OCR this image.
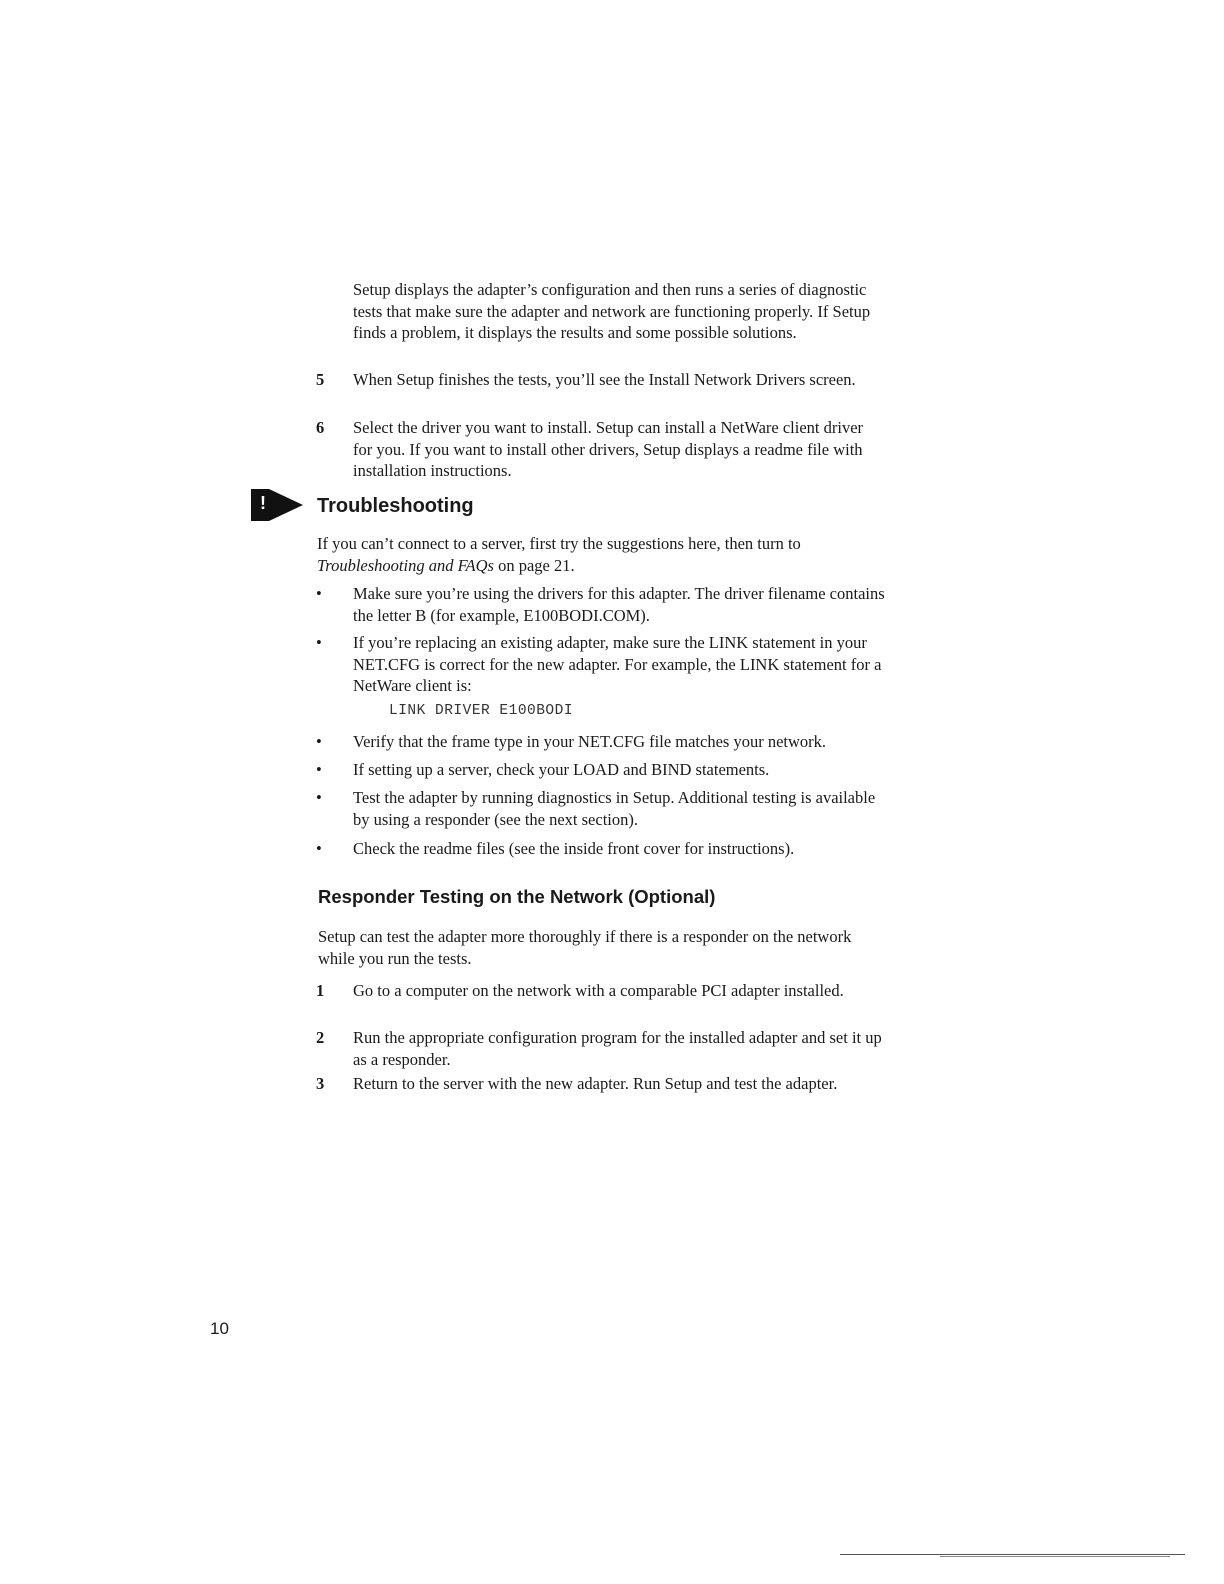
Setup displays the adapter’s configuration and then runs a series of diagnostic tests that make sure the adapter and network are functioning properly. If Setup finds a problem, it displays the results and some possible solutions.
5 When Setup finishes the tests, you’ll see the Install Network Drivers screen.
6 Select the driver you want to install. Setup can install a NetWare client driver for you. If you want to install other drivers, Setup displays a readme file with installation instructions.
!	Troubleshooting
If you can’t connect to a server, first try the suggestions here, then turn to Troubleshooting and FAQs on page 21.
• Make sure you’re using the drivers for this adapter. The driver filename contains the letter B (for example, E100BODI.COM).
• If you’re replacing an existing adapter, make sure the LINK statement in your NET.CFG is correct for the new adapter. For example, the LINK statement for a NetWare client is:
LINK DRIVER E100BODI
• Verify that the frame type in your NET.CFG file matches your network.
• If setting up a server, check your LOAD and BIND statements.
• Test the adapter by running diagnostics in Setup. Additional testing is available by using a responder (see the next section).
• Check the readme files (see the inside front cover for instructions).
Responder Testing on the Network (Optional)
Setup can test the adapter more thoroughly if there is a responder on the network while you run the tests.
1 Go to a computer on the network with a comparable PCI adapter installed.
2 Run the appropriate configuration program for the installed adapter and set it up as a responder.
3 Return to the server with the new adapter. Run Setup and test the adapter.
10
